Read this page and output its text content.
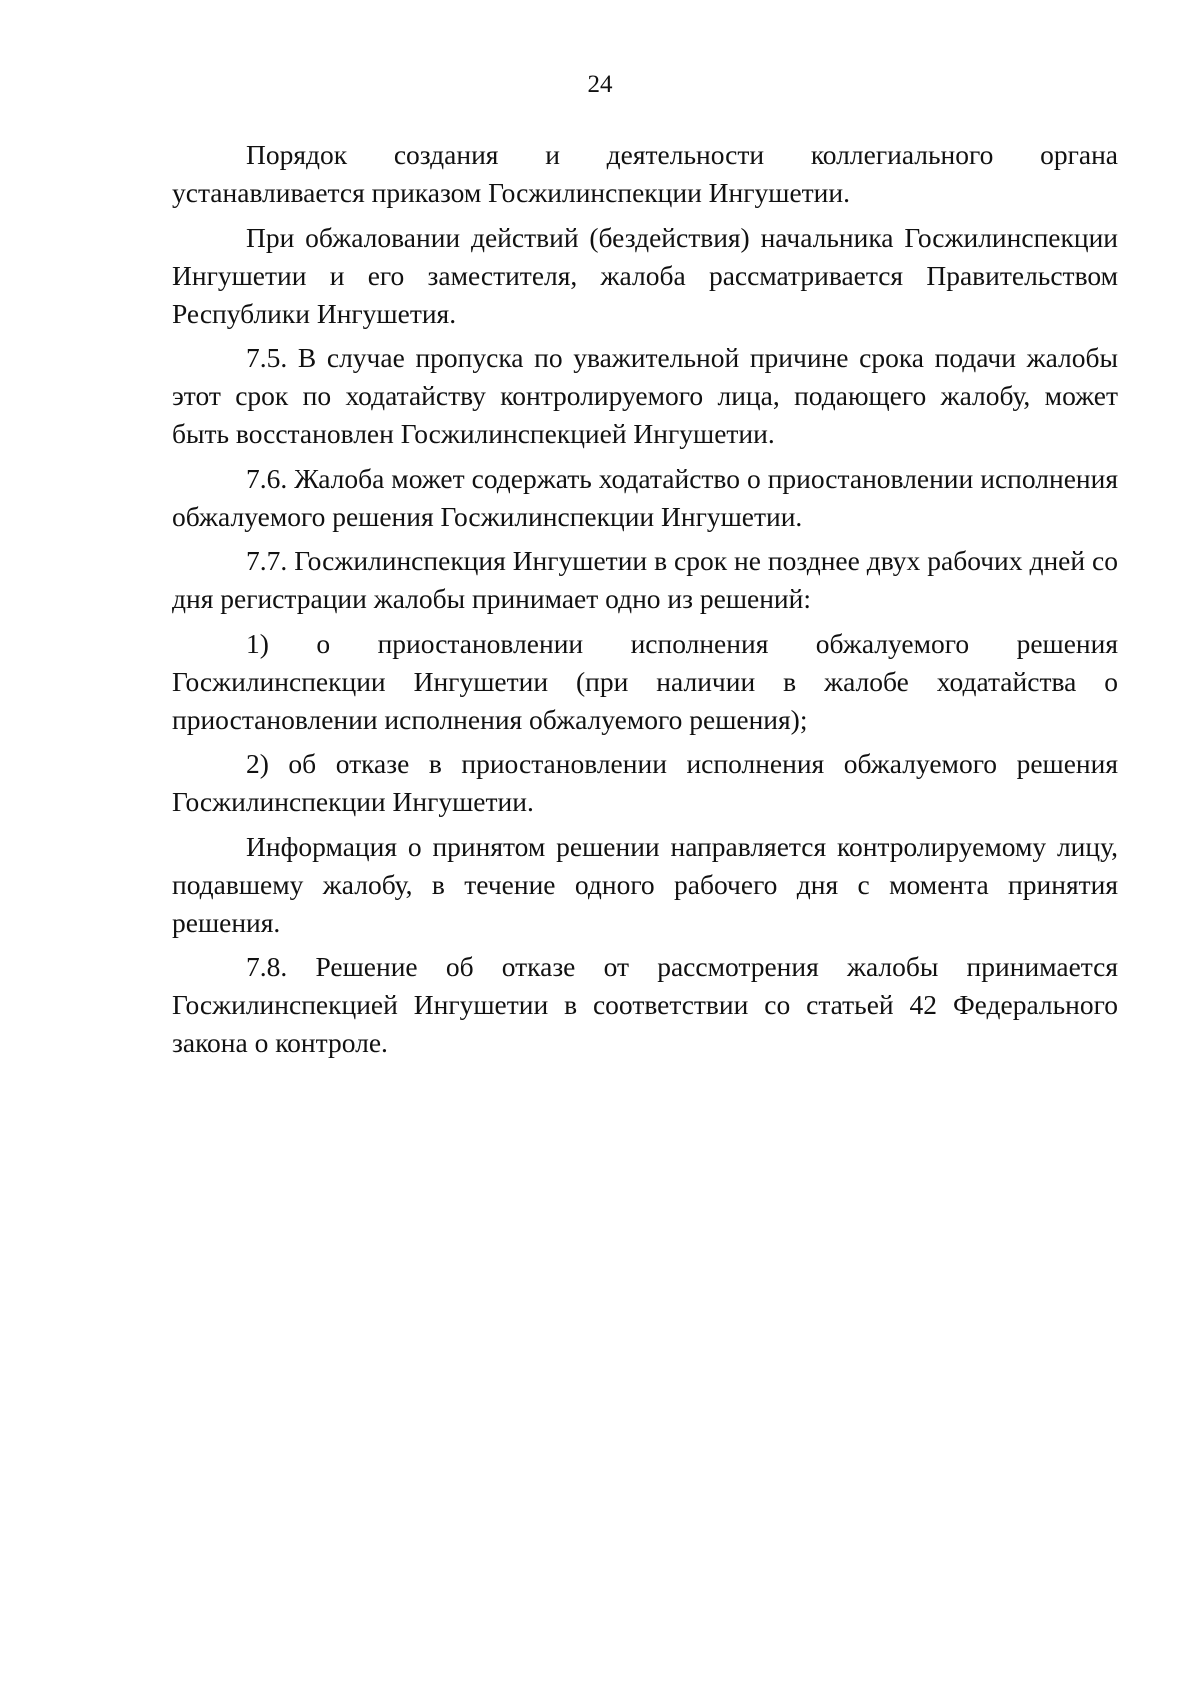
24

Порядок создания и деятельности коллегиального органа устанавливается приказом Госжилинспекции Ингушетии.

При обжаловании действий (бездействия) начальника Госжилинспекции Ингушетии и его заместителя, жалоба рассматривается Правительством Республики Ингушетия.

7.5. В случае пропуска по уважительной причине срока подачи жалобы этот срок по ходатайству контролируемого лица, подающего жалобу, может быть восстановлен Госжилинспекцией Ингушетии.

7.6. Жалоба может содержать ходатайство о приостановлении исполнения обжалуемого решения Госжилинспекции Ингушетии.

7.7. Госжилинспекция Ингушетии в срок не позднее двух рабочих дней со дня регистрации жалобы принимает одно из решений:

1) о приостановлении исполнения обжалуемого решения Госжилинспекции Ингушетии (при наличии в жалобе ходатайства о приостановлении исполнения обжалуемого решения);

2) об отказе в приостановлении исполнения обжалуемого решения Госжилинспекции Ингушетии.

Информация о принятом решении направляется контролируемому лицу, подавшему жалобу, в течение одного рабочего дня с момента принятия решения.

7.8. Решение об отказе от рассмотрения жалобы принимается Госжилинспекцией Ингушетии в соответствии со статьей 42 Федерального закона о контроле.
